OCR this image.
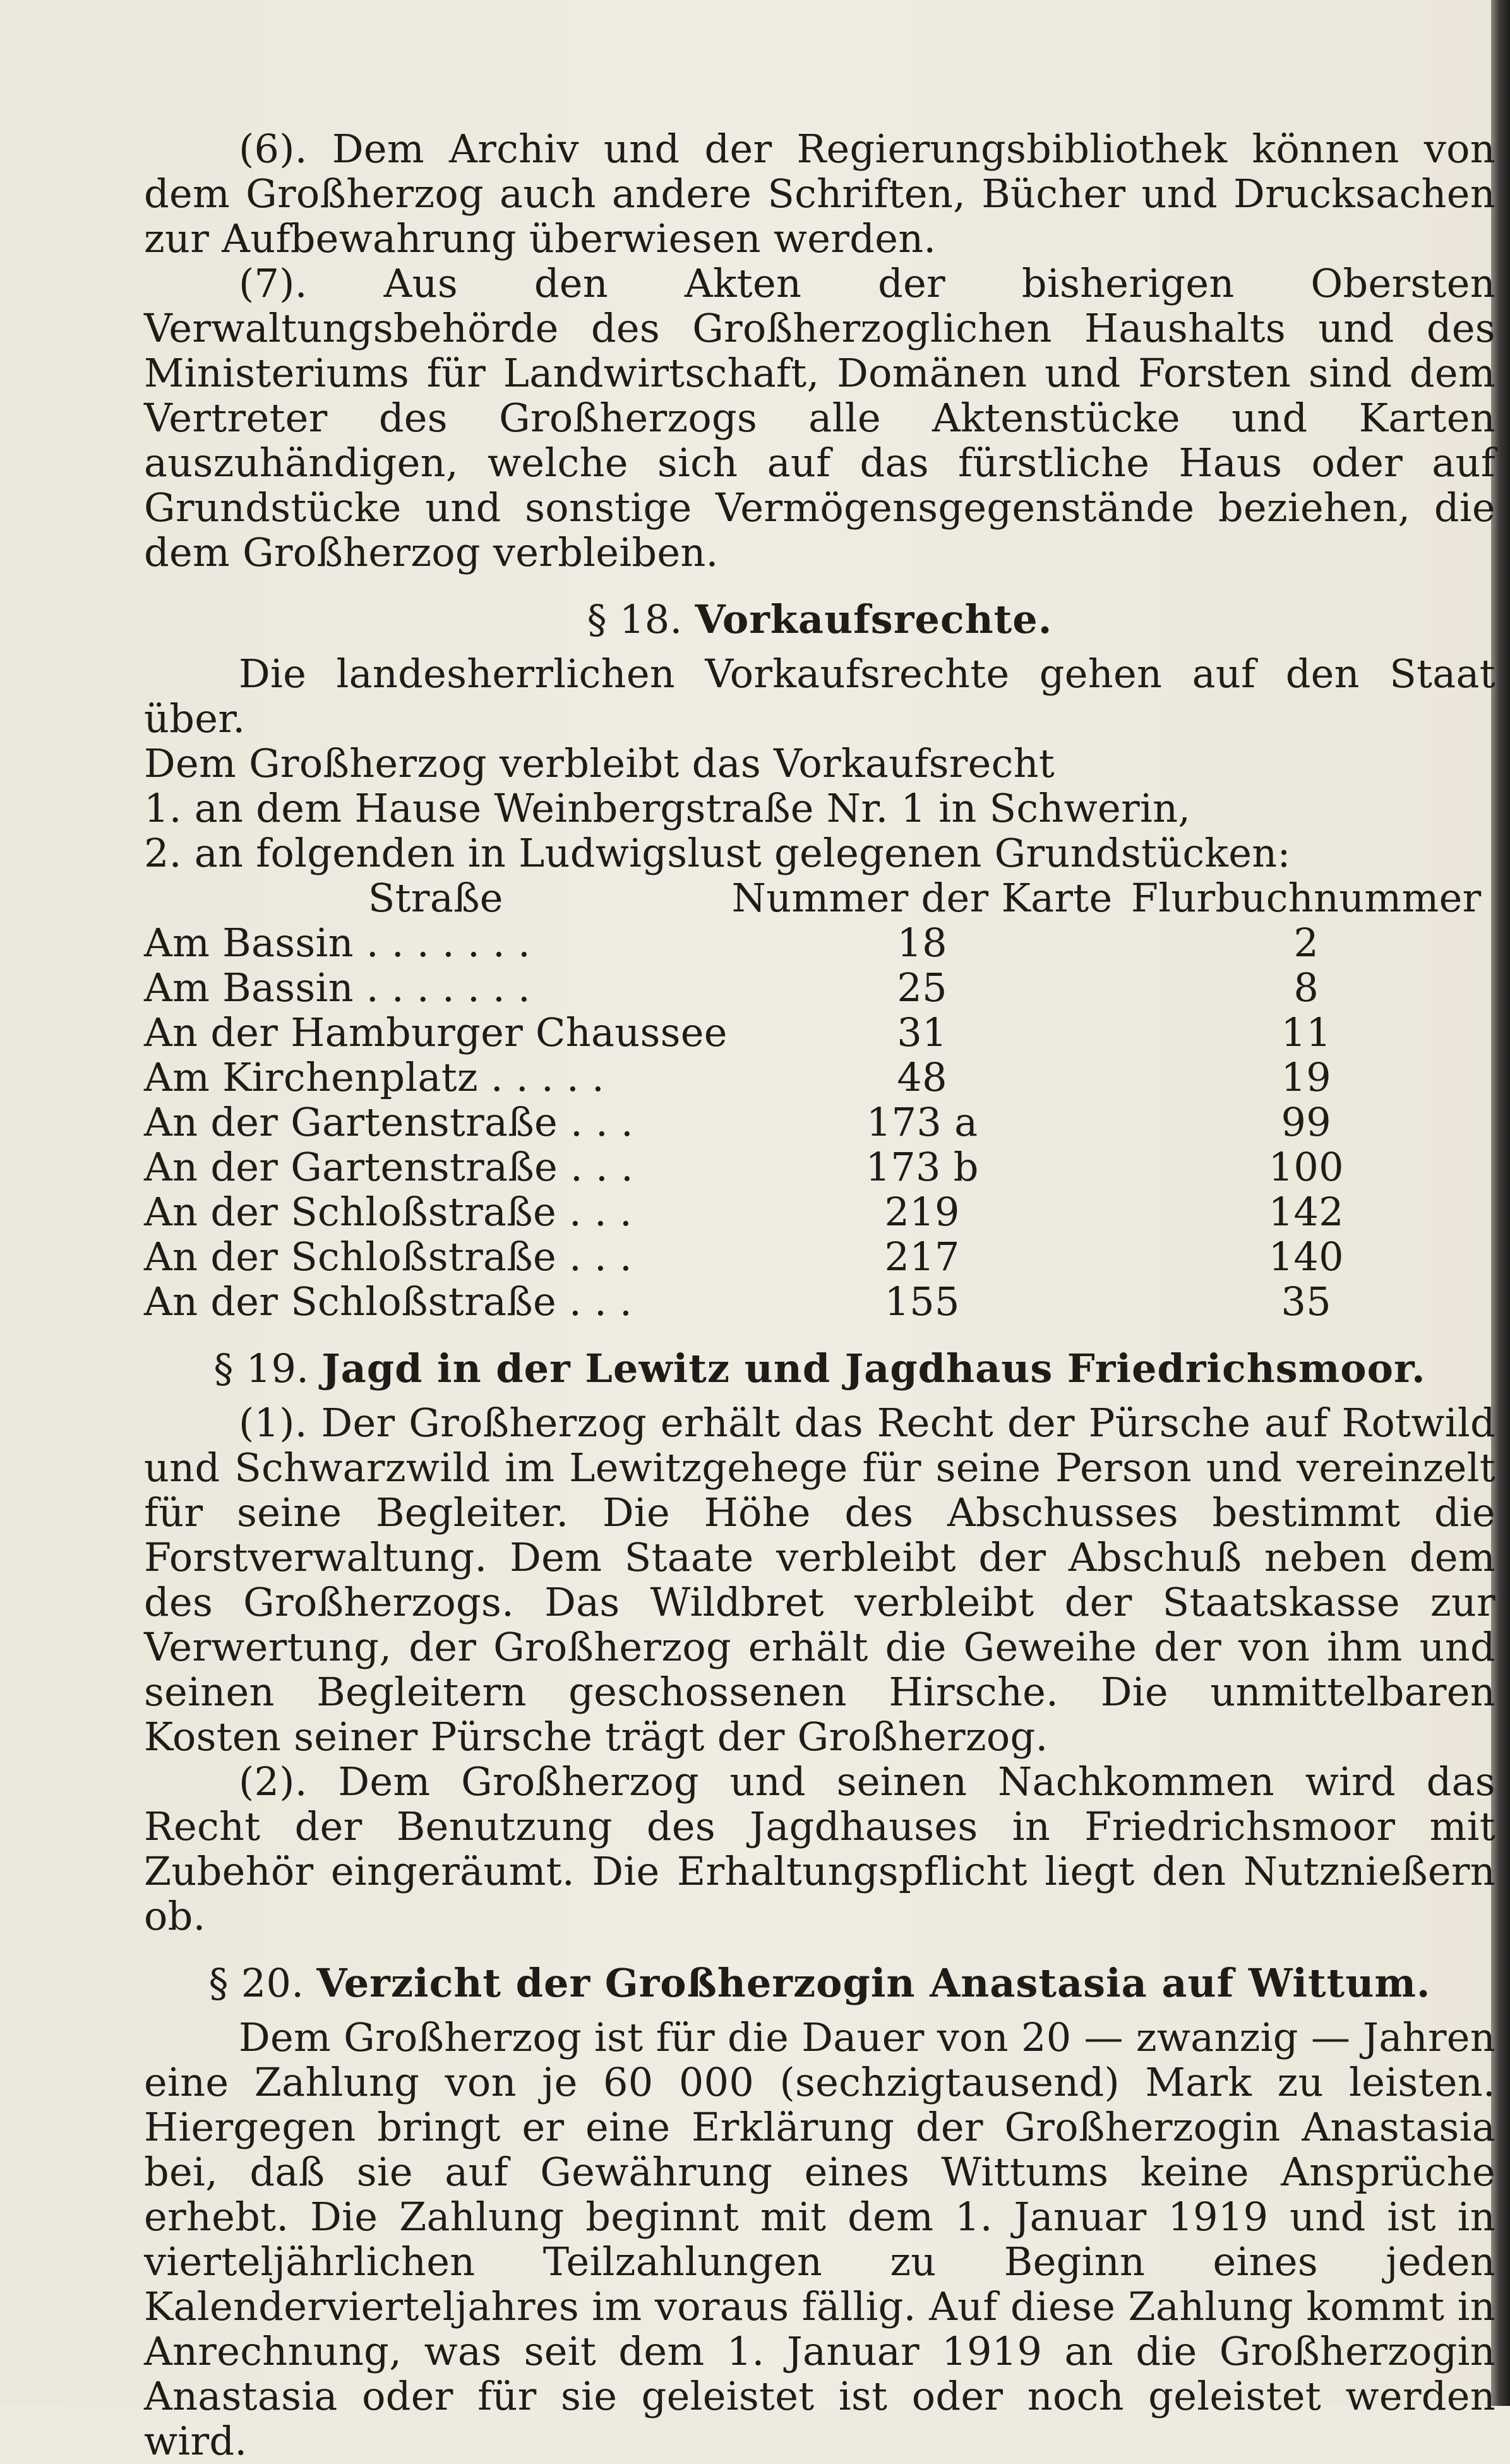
(6). Dem Archiv und der Regierungsbibliothek können von dem Großherzog auch andere Schriften, Bücher und Drucksachen zur Aufbewahrung überwiesen werden.

(7). Aus den Akten der bisherigen Obersten Verwaltungsbehörde des Großherzoglichen Haushalts und des Ministeriums für Landwirtschaft, Domänen und Forsten sind dem Vertreter des Großherzogs alle Aktenstücke und Karten auszuhändigen, welche sich auf das fürstliche Haus oder auf Grundstücke und sonstige Vermögensgegenstände beziehen, die dem Großherzog verbleiben.

§ 18. Vorkaufsrechte.

Die landesherrlichen Vorkaufsrechte gehen auf den Staat über.

Dem Großherzog verbleibt das Vorkaufsrecht

1. an dem Hause Weinbergstraße Nr. 1 in Schwerin,

2. an folgenden in Ludwigslust gelegenen Grundstücken:

Straße	Nummer der Karte	Flurbuchnummer
Am Bassin . . . . . . .	18	2
Am Bassin . . . . . . .	25	8
An der Hamburger Chaussee	31	11
Am Kirchenplatz . . . . .	48	19
An der Gartenstraße . . .	173 a	99
An der Gartenstraße . . .	173 b	100
An der Schloßstraße . . .	219	142
An der Schloßstraße . . .	217	140
An der Schloßstraße . . .	155	35
§ 19. Jagd in der Lewitz und Jagdhaus Friedrichsmoor.

(1). Der Großherzog erhält das Recht der Pürsche auf Rotwild und Schwarzwild im Lewitzgehege für seine Person und vereinzelt für seine Begleiter. Die Höhe des Abschusses bestimmt die Forstverwaltung. Dem Staate verbleibt der Abschuß neben dem des Großherzogs. Das Wildbret verbleibt der Staatskasse zur Verwertung, der Großherzog erhält die Geweihe der von ihm und seinen Begleitern geschossenen Hirsche. Die unmittelbaren Kosten seiner Pürsche trägt der Großherzog.

(2). Dem Großherzog und seinen Nachkommen wird das Recht der Benutzung des Jagdhauses in Friedrichsmoor mit Zubehör eingeräumt. Die Erhaltungspflicht liegt den Nutznießern ob.

§ 20. Verzicht der Großherzogin Anastasia auf Wittum.

Dem Großherzog ist für die Dauer von 20 — zwanzig — Jahren eine Zahlung von je 60 000 (sechzigtausend) Mark zu leisten. Hiergegen bringt er eine Erklärung der Großherzogin Anastasia bei, daß sie auf Gewährung eines Wittums keine Ansprüche erhebt. Die Zahlung beginnt mit dem 1. Januar 1919 und ist in vierteljährlichen Teilzahlungen zu Beginn eines jeden Kalendervierteljahres im voraus fällig. Auf diese Zahlung kommt in Anrechnung, was seit dem 1. Januar 1919 an die Großherzogin Anastasia oder für sie geleistet ist oder noch geleistet werden wird.
